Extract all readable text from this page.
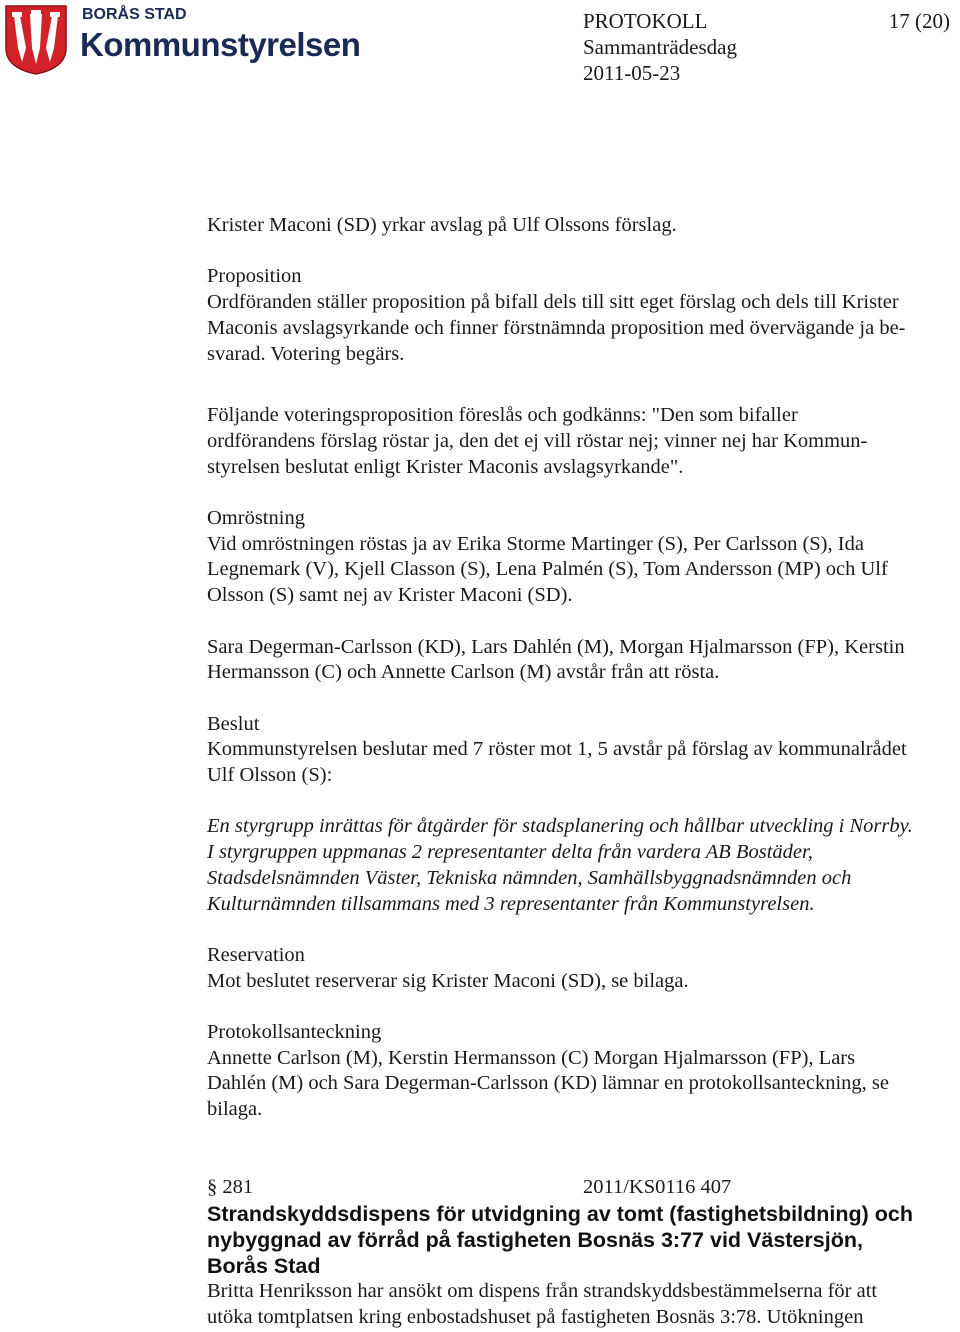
BORÅS STAD
Kommunstyrelsen
PROTOKOLL	17 (20)
Sammanträdesdag
2011-05-23

Krister Maconi (SD) yrkar avslag på Ulf Olssons förslag.

Proposition

Ordföranden ställer proposition på bifall dels till sitt eget förslag och dels till Krister

Maconis avslagsyrkande och finner förstnämnda proposition med övervägande ja be-

svarad. Votering begärs.

Följande voteringsproposition föreslås och godkänns: "Den som bifaller

ordförandens förslag röstar ja, den det ej vill röstar nej; vinner nej har Kommun-

styrelsen beslutat enligt Krister Maconis avslagsyrkande".

Omröstning

Vid omröstningen röstas ja av Erika Storme Martinger (S), Per Carlsson (S), Ida

Legnemark (V), Kjell Classon (S), Lena Palmén (S), Tom Andersson (MP) och Ulf

Olsson (S) samt nej av Krister Maconi (SD).

Sara Degerman-Carlsson (KD), Lars Dahlén (M), Morgan Hjalmarsson (FP), Kerstin

Hermansson (C) och Annette Carlson (M) avstår från att rösta.

Beslut

Kommunstyrelsen beslutar med 7 röster mot 1, 5 avstår på förslag av kommunalrådet

Ulf Olsson (S):

En styrgrupp inrättas för åtgärder för stadsplanering och hållbar utveckling i Norrby.

I styrgruppen uppmanas 2 representanter delta från vardera AB Bostäder,

Stadsdelsnämnden Väster, Tekniska nämnden, Samhällsbyggnadsnämnden och

Kulturnämnden tillsammans med 3 representanter från Kommunstyrelsen.

Reservation

Mot beslutet reserverar sig Krister Maconi (SD), se bilaga.

Protokollsanteckning

Annette Carlson (M), Kerstin Hermansson (C) Morgan Hjalmarsson (FP), Lars

Dahlén (M) och Sara Degerman-Carlsson (KD) lämnar en protokollsanteckning, se

bilaga.

§ 281	2011/KS0116 407

Strandskyddsdispens för utvidgning av tomt (fastighetsbildning) och

nybyggnad av förråd på fastigheten Bosnäs 3:77 vid Västersjön,

Borås Stad

Britta Henriksson har ansökt om dispens från strandskyddsbestämmelserna för att

utöka tomtplatsen kring enbostadshuset på fastigheten Bosnäs 3:78. Utökningen
